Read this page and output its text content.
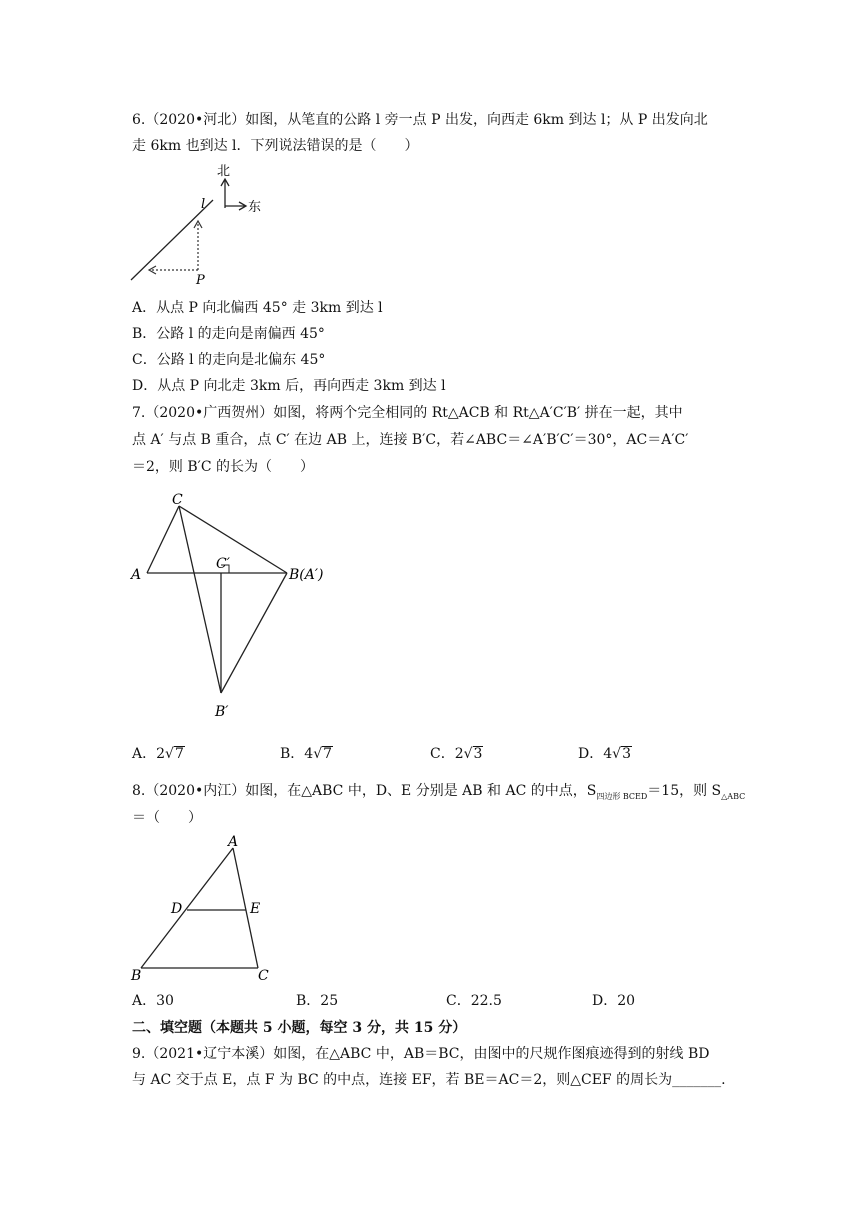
6.（2020•河北）如图，从笔直的公路 l 旁一点 P 出发，向西走 6km 到达 l；从 P 出发向北
走 6km 也到达 l．下列说法错误的是（　　）
北
东
l
P
A．从点 P 向北偏西 45° 走 3km 到达 l
B．公路 l 的走向是南偏西 45°
C．公路 l 的走向是北偏东 45°
D．从点 P 向北走 3km 后，再向西走 3km 到达 l
7.（2020•广西贺州）如图，将两个完全相同的 Rt△ACB 和 Rt△A′C′B′ 拼在一起，其中
点 A′ 与点 B 重合，点 C′ 在边 AB 上，连接 B′C，若∠ABC＝∠A′B′C′＝30°，AC＝A′C′
＝2，则 B′C 的长为（　　）
C
A
C′
B(A′)
B′
A．2√7	B．4√7	C．2√3	D．4√3
8.（2020•内江）如图，在△ABC 中，D、E 分别是 AB 和 AC 的中点，$S_{四边形 BCED}=15$，则 $S_{\triangle ABC}$
＝（　　）
A
D	E
B	C
A．30	B．25	C．22.5	D．20
二、填空题（本题共 5 小题，每空 3 分，共 15 分）
9.（2021•辽宁本溪）如图，在△ABC 中，AB＝BC，由图中的尺规作图痕迹得到的射线 BD
与 AC 交于点 E，点 F 为 BC 的中点，连接 EF，若 BE＝AC＝2，则△CEF 的周长为_______.
